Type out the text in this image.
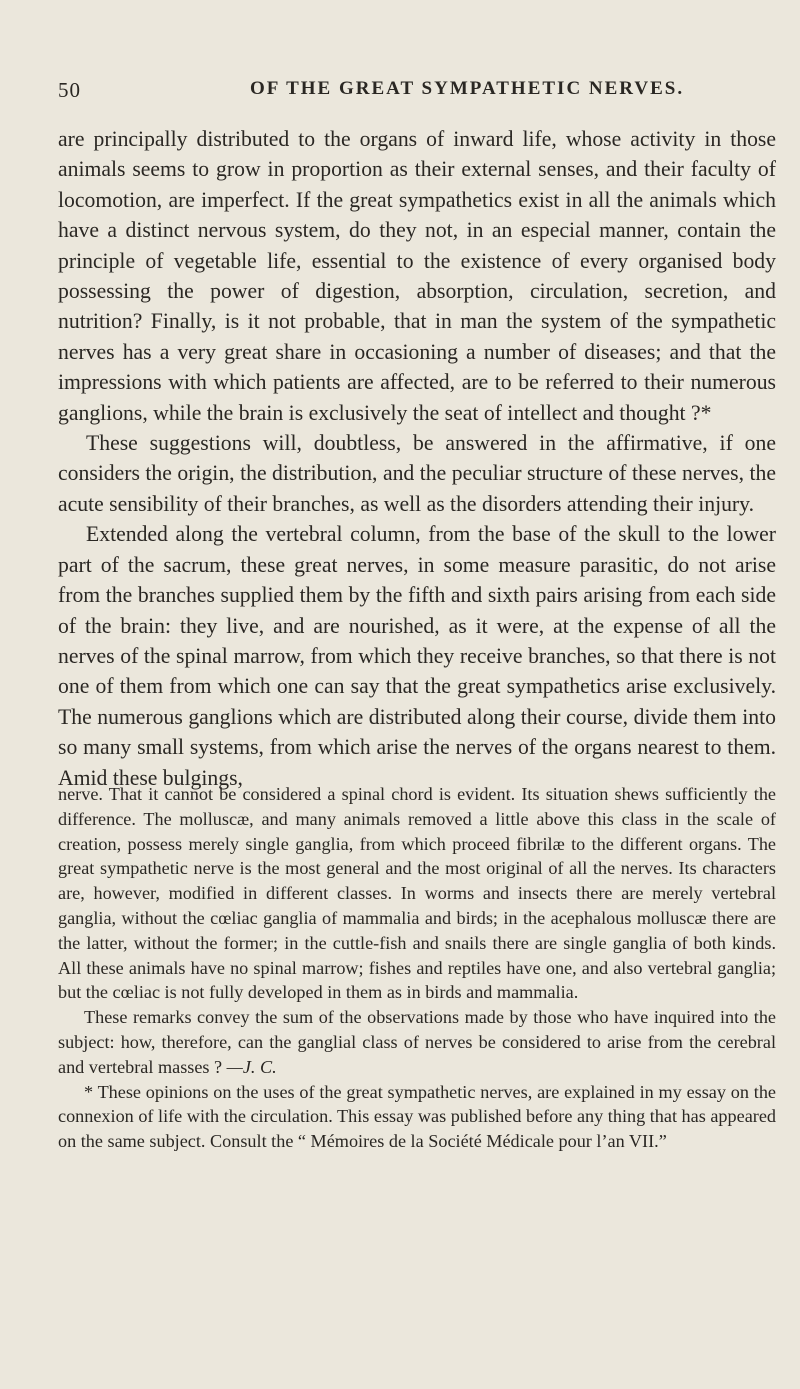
50	OF THE GREAT SYMPATHETIC NERVES.

are principally distributed to the organs of inward life, whose activity in those animals seems to grow in proportion as their external senses, and their faculty of locomotion, are imperfect. If the great sympathetics exist in all the animals which have a distinct nervous system, do they not, in an especial manner, contain the principle of vegetable life, essential to the existence of every organised body possessing the power of digestion, absorption, circulation, secretion, and nutrition? Finally, is it not probable, that in man the system of the sympathetic nerves has a very great share in occasioning a number of diseases; and that the impressions with which patients are affected, are to be referred to their numerous ganglions, while the brain is exclusively the seat of intellect and thought ?*

These suggestions will, doubtless, be answered in the affirmative, if one considers the origin, the distribution, and the peculiar structure of these nerves, the acute sensibility of their branches, as well as the disorders attending their injury.

Extended along the vertebral column, from the base of the skull to the lower part of the sacrum, these great nerves, in some measure parasitic, do not arise from the branches supplied them by the fifth and sixth pairs arising from each side of the brain: they live, and are nourished, as it were, at the expense of all the nerves of the spinal marrow, from which they receive branches, so that there is not one of them from which one can say that the great sympathetics arise exclusively. The numerous ganglions which are distributed along their course, divide them into so many small systems, from which arise the nerves of the organs nearest to them. Amid these bulgings,

nerve. That it cannot be considered a spinal chord is evident. Its situation shews sufficiently the difference. The molluscæ, and many animals removed a little above this class in the scale of creation, possess merely single ganglia, from which proceed fibrilæ to the different organs. The great sympathetic nerve is the most general and the most original of all the nerves. Its characters are, however, modified in different classes. In worms and insects there are merely vertebral ganglia, without the cœliac ganglia of mammalia and birds; in the acephalous molluscæ there are the latter, without the former; in the cuttle-fish and snails there are single ganglia of both kinds. All these animals have no spinal marrow; fishes and reptiles have one, and also vertebral ganglia; but the cœliac is not fully developed in them as in birds and mammalia.

These remarks convey the sum of the observations made by those who have inquired into the subject: how, therefore, can the ganglial class of nerves be considered to arise from the cerebral and vertebral masses ? —J. C.

* These opinions on the uses of the great sympathetic nerves, are explained in my essay on the connexion of life with the circulation. This essay was published before any thing that has appeared on the same subject. Consult the “ Mémoires de la Société Médicale pour l’an VII.”
